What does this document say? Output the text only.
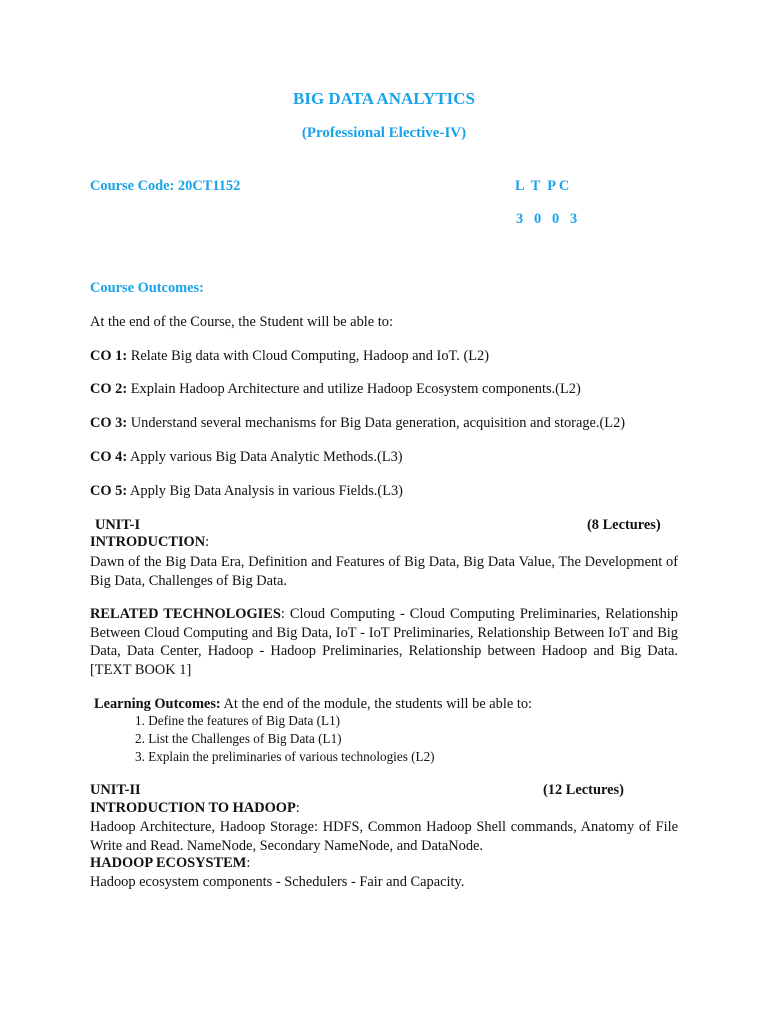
BIG DATA ANALYTICS
(Professional Elective-IV)
Course Code: 20CT1152	L  T  P C
3   0   0   3
Course Outcomes:
At the end of the Course, the Student will be able to:
CO 1: Relate Big data with Cloud Computing, Hadoop and IoT. (L2)
CO 2: Explain Hadoop Architecture and utilize Hadoop Ecosystem components.(L2)
CO 3: Understand several mechanisms for Big Data generation, acquisition and storage.(L2)
CO 4: Apply various Big Data Analytic Methods.(L3)
CO 5: Apply Big Data Analysis in various Fields.(L3)
UNIT-I	(8 Lectures)
INTRODUCTION:
Dawn of the Big Data Era, Definition and Features of Big Data, Big Data Value, The Development of Big Data, Challenges of Big Data.
RELATED TECHNOLOGIES: Cloud Computing - Cloud Computing Preliminaries, Relationship Between Cloud Computing and Big Data, IoT - IoT Preliminaries, Relationship Between IoT and Big Data, Data Center, Hadoop - Hadoop Preliminaries, Relationship between Hadoop and Big Data. [TEXT BOOK 1]
Learning Outcomes: At the end of the module, the students will be able to:
1. Define the features of Big Data (L1)
2. List the Challenges of Big Data (L1)
3. Explain the preliminaries of various technologies (L2)
UNIT-II	(12 Lectures)
INTRODUCTION TO HADOOP:
Hadoop Architecture, Hadoop Storage: HDFS, Common Hadoop Shell commands, Anatomy of File Write and Read. NameNode, Secondary NameNode, and DataNode.
HADOOP ECOSYSTEM:
Hadoop ecosystem components - Schedulers - Fair and Capacity.
